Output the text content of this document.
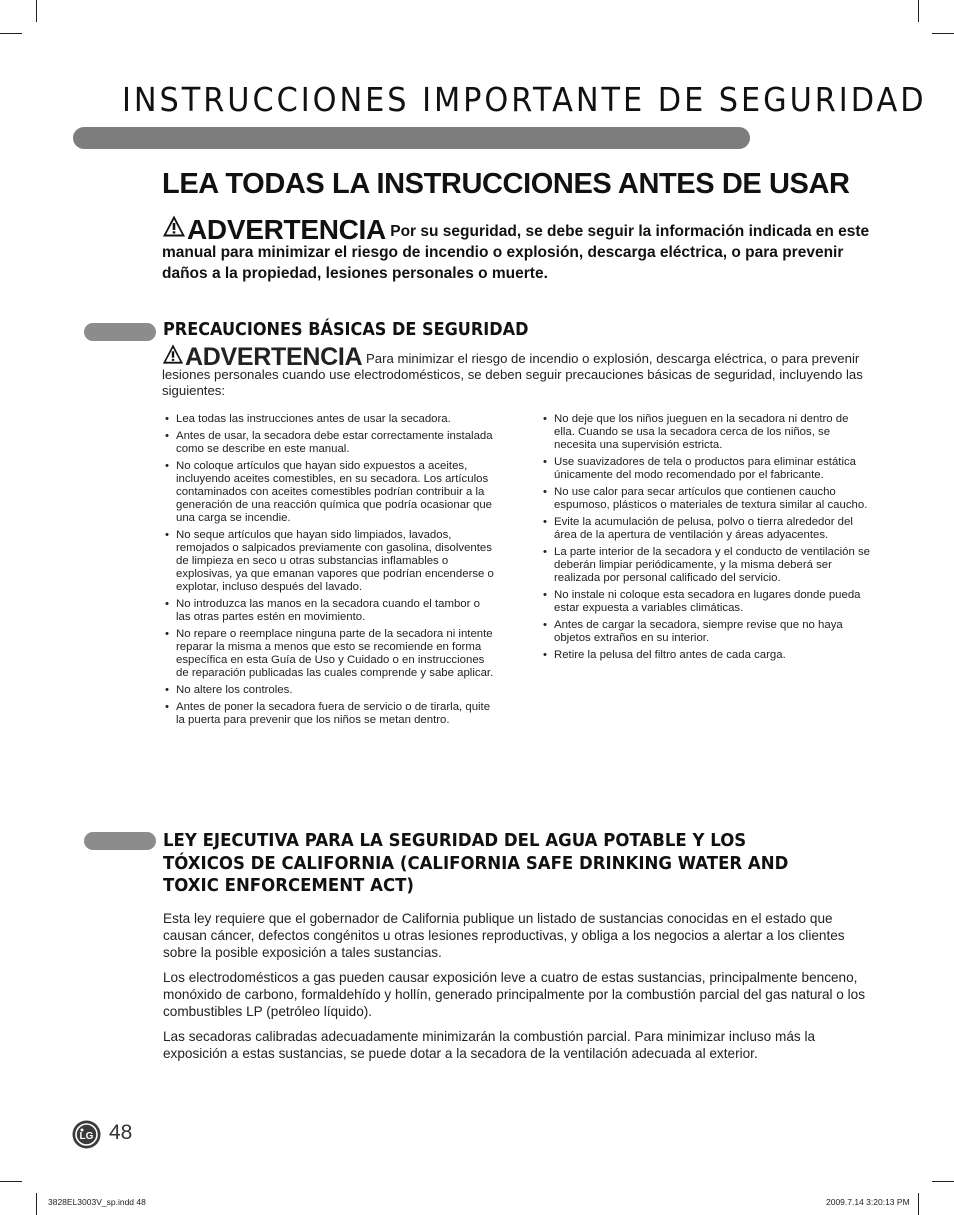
INSTRUCCIONES IMPORTANTE DE SEGURIDAD
LEA TODAS LA INSTRUCCIONES ANTES DE USAR
ADVERTENCIA Por su seguridad, se debe seguir la información indicada en este manual para minimizar el riesgo de incendio o explosión, descarga eléctrica, o para prevenir daños a la propiedad, lesiones personales o muerte.
PRECAUCIONES BÁSICAS DE SEGURIDAD
ADVERTENCIA Para minimizar el riesgo de incendio o explosión, descarga eléctrica, o para prevenir lesiones personales cuando use electrodomésticos, se deben seguir precauciones básicas de seguridad, incluyendo las siguientes:
• Lea todas las instrucciones antes de usar la secadora.
• Antes de usar, la secadora debe estar correctamente instalada como se describe en este manual.
• No coloque artículos que hayan sido expuestos a aceites, incluyendo aceites comestibles, en su secadora. Los artículos contaminados con aceites comestibles podrían contribuir a la generación de una reacción química que podría ocasionar que una carga se incendie.
• No seque artículos que hayan sido limpiados, lavados, remojados o salpicados previamente con gasolina, disolventes de limpieza en seco u otras substancias inflamables o explosivas, ya que emanan vapores que podrían encenderse o explotar, incluso después del lavado.
• No introduzca las manos en la secadora cuando el tambor o las otras partes estén en movimiento.
• No repare o reemplace ninguna parte de la secadora ni intente reparar la misma a menos que esto se recomiende en forma específica en esta Guía de Uso y Cuidado o en instrucciones de reparación publicadas las cuales comprende y sabe aplicar.
• No altere los controles.
• Antes de poner la secadora fuera de servicio o de tirarla, quite la puerta para prevenir que los niños se metan dentro.
• No deje que los niños jueguen en la secadora ni dentro de ella. Cuando se usa la secadora cerca de los niños, se necesita una supervisión estricta.
• Use suavizadores de tela o productos para eliminar estática únicamente del modo recomendado por el fabricante.
• No use calor para secar artículos que contienen caucho espumoso, plásticos o materiales de textura similar al caucho.
• Evite la acumulación de pelusa, polvo o tierra alrededor del área de la apertura de ventilación y áreas adyacentes.
• La parte interior de la secadora y el conducto de ventilación se deberán limpiar periódicamente, y la misma deberá ser realizada por personal calificado del servicio.
• No instale ni coloque esta secadora en lugares donde pueda estar expuesta a variables climáticas.
• Antes de cargar la secadora, siempre revise que no haya objetos extraños en su interior.
• Retire la pelusa del filtro antes de cada carga.
LEY EJECUTIVA PARA LA SEGURIDAD DEL AGUA POTABLE Y LOS TÓXICOS DE CALIFORNIA (CALIFORNIA SAFE DRINKING WATER AND TOXIC ENFORCEMENT ACT)

Esta ley requiere que el gobernador de California publique un listado de sustancias conocidas en el estado que causan cáncer, defectos congénitos u otras lesiones reproductivas, y obliga a los negocios a alertar a los clientes sobre la posible exposición a tales sustancias.

Los electrodomésticos a gas pueden causar exposición leve a cuatro de estas sustancias, principalmente benceno, monóxido de carbono, formaldehído y hollín, generado principalmente por la combustión parcial del gas natural o los combustibles LP (petróleo líquido).

Las secadoras calibradas adecuadamente minimizarán la combustión parcial. Para minimizar incluso más la exposición a estas sustancias, se puede dotar a la secadora de la ventilación adecuada al exterior.

LG 48
3828EL3003V_sp.indd 48	2009.7.14 3:20:13 PM
